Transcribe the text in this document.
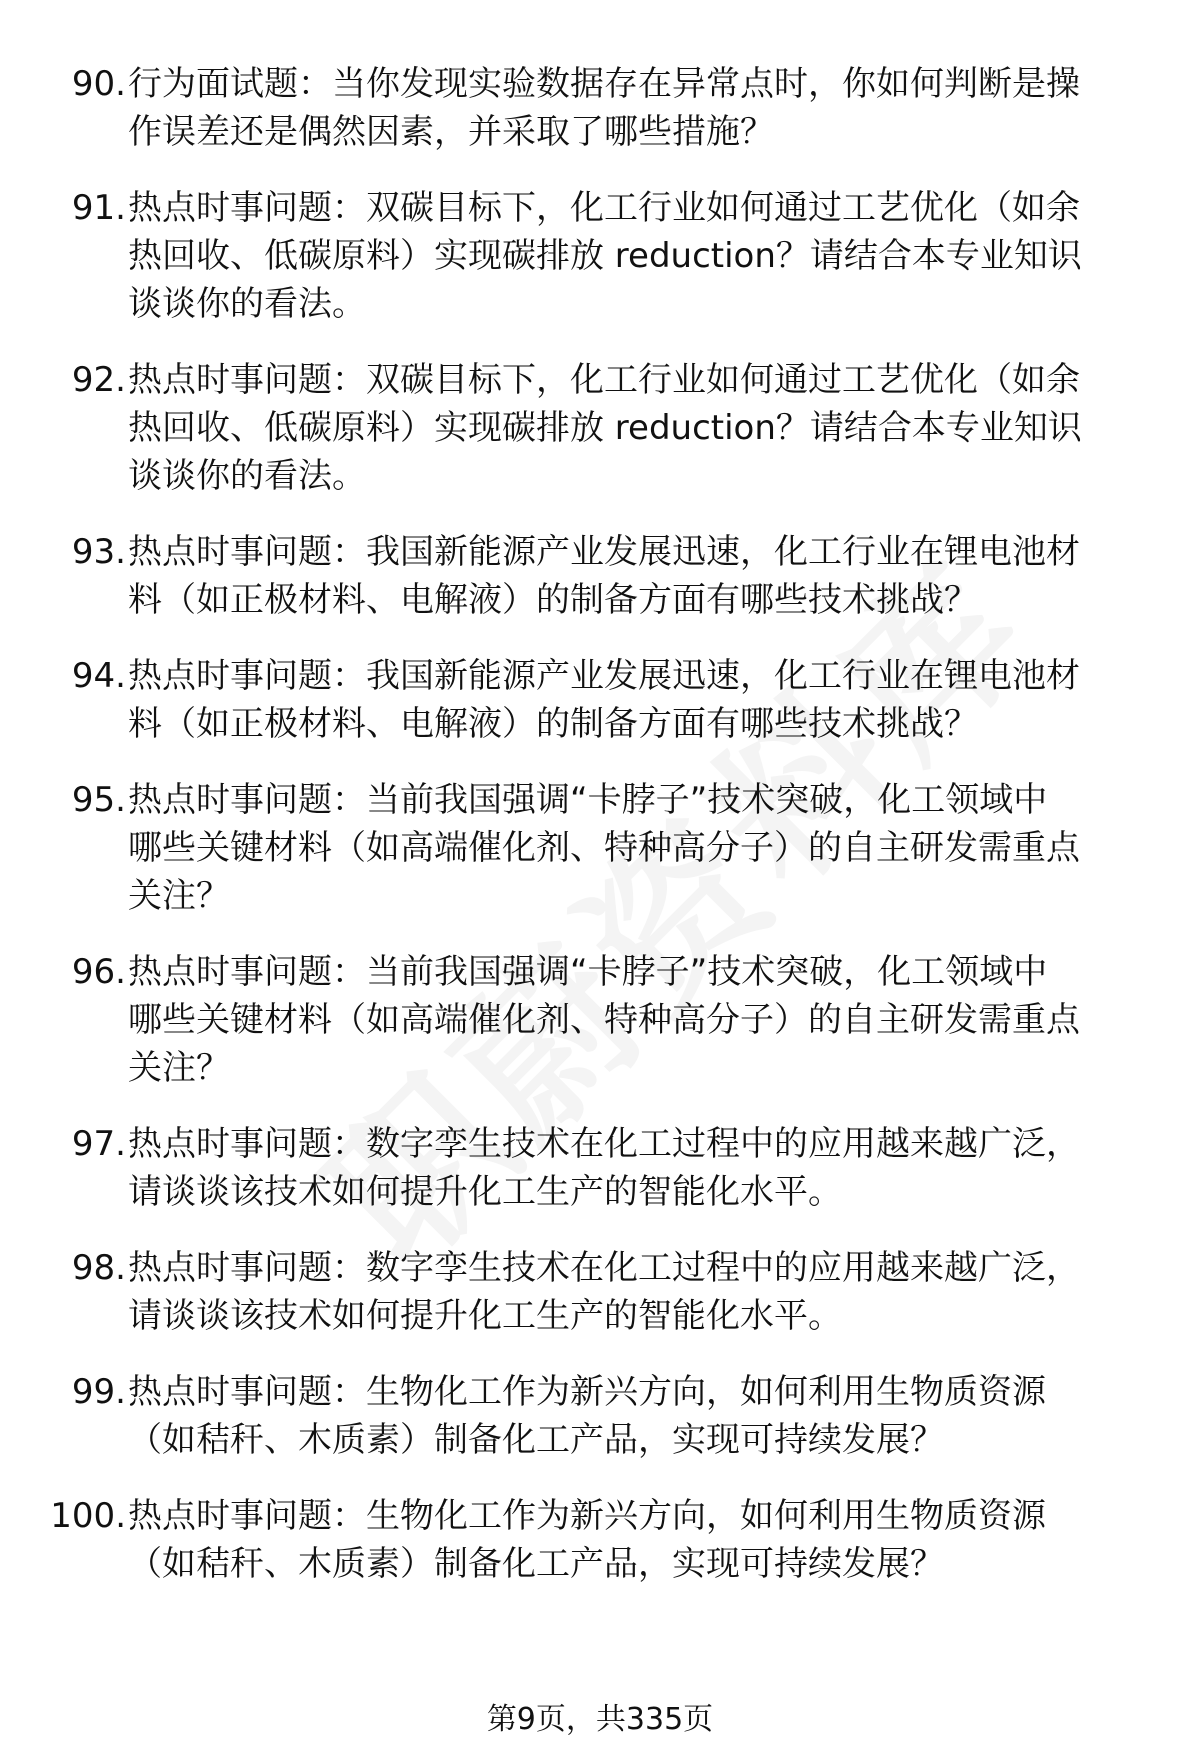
90. 行为面试题：当你发现实验数据存在异常点时，你如何判断是操
作误差还是偶然因素，并采取了哪些措施？
91. 热点时事问题：双碳目标下，化工行业如何通过工艺优化（如余
热回收、低碳原料）实现碳排放 reduction？请结合本专业知识
谈谈你的看法。
92. 热点时事问题：双碳目标下，化工行业如何通过工艺优化（如余
热回收、低碳原料）实现碳排放 reduction？请结合本专业知识
谈谈你的看法。
93. 热点时事问题：我国新能源产业发展迅速，化工行业在锂电池材
料（如正极材料、电解液）的制备方面有哪些技术挑战？
94. 热点时事问题：我国新能源产业发展迅速，化工行业在锂电池材
料（如正极材料、电解液）的制备方面有哪些技术挑战？
95. 热点时事问题：当前我国强调“卡脖子”技术突破，化工领域中
哪些关键材料（如高端催化剂、特种高分子）的自主研发需重点
关注？
96. 热点时事问题：当前我国强调“卡脖子”技术突破，化工领域中
哪些关键材料（如高端催化剂、特种高分子）的自主研发需重点
关注？
97. 热点时事问题：数字孪生技术在化工过程中的应用越来越广泛，
请谈谈该技术如何提升化工生产的智能化水平。
98. 热点时事问题：数字孪生技术在化工过程中的应用越来越广泛，
请谈谈该技术如何提升化工生产的智能化水平。
99. 热点时事问题：生物化工作为新兴方向，如何利用生物质资源
（如秸秆、木质素）制备化工产品，实现可持续发展？
100. 热点时事问题：生物化工作为新兴方向，如何利用生物质资源
（如秸秆、木质素）制备化工产品，实现可持续发展？
第9页，共335页
